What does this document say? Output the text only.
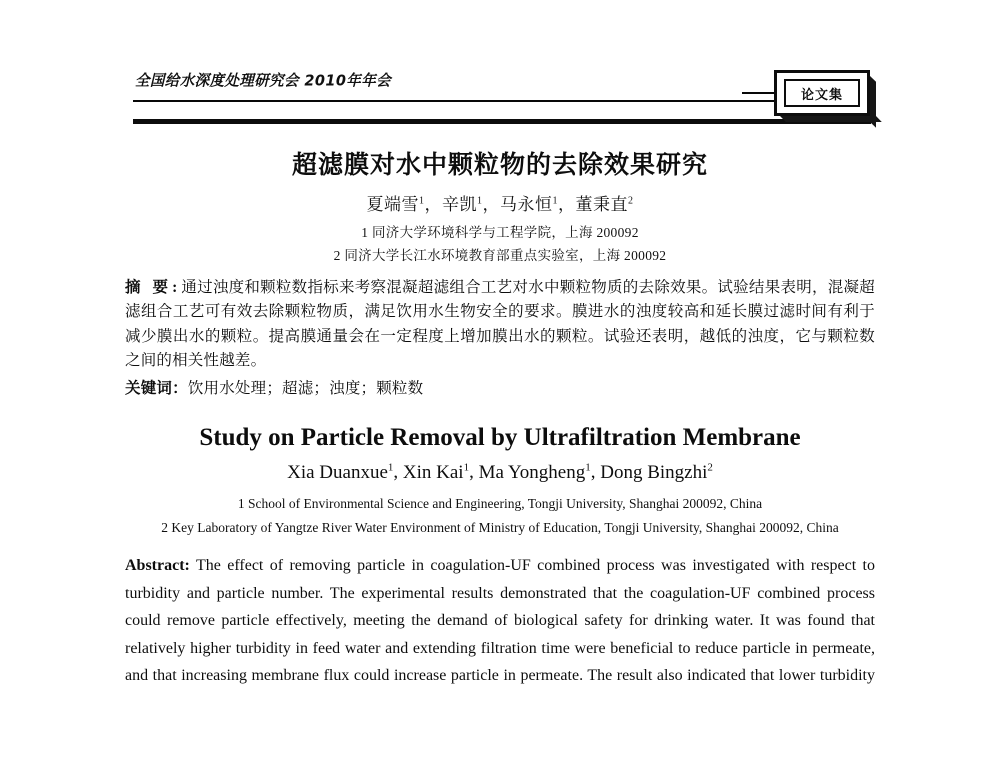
全国给水深度处理研究会 2010年年会
论文集
超滤膜对水中颗粒物的去除效果研究
夏端雪$^1$，辛凯$^1$，马永恒$^1$，董秉直$^2$
1 同济大学环境科学与工程学院，上海 200092
2 同济大学长江水环境教育部重点实验室，上海 200092

摘 要:通过浊度和颗粒数指标来考察混凝超滤组合工艺对水中颗粒物质的去除效果。试验结果表明，混凝超滤组合工艺可有效去除颗粒物质，满足饮用水生物安全的要求。膜进水的浊度较高和延长膜过滤时间有利于减少膜出水的颗粒。提高膜通量会在一定程度上增加膜出水的颗粒。试验还表明，越低的浊度，它与颗粒数之间的相关性越差。

关键词：饮用水处理；超滤；浊度；颗粒数

Study on Particle Removal by Ultrafiltration Membrane
Xia Duanxue$^1$, Xin Kai$^1$, Ma Yongheng$^1$, Dong Bingzhi$^2$
1 School of Environmental Science and Engineering, Tongji University, Shanghai 200092, China
2 Key Laboratory of Yangtze River Water Environment of Ministry of Education, Tongji University, Shanghai 200092, China

Abstract: The effect of removing particle in coagulation-UF combined process was investigated with respect to turbidity and particle number. The experimental results demonstrated that the coagulation-UF combined process could remove particle effectively, meeting the demand of biological safety for drinking water. It was found that relatively higher turbidity in feed water and extending filtration time were beneficial to reduce particle in permeate, and that increasing membrane flux could increase particle in permeate. The result also indicated that lower turbidity
